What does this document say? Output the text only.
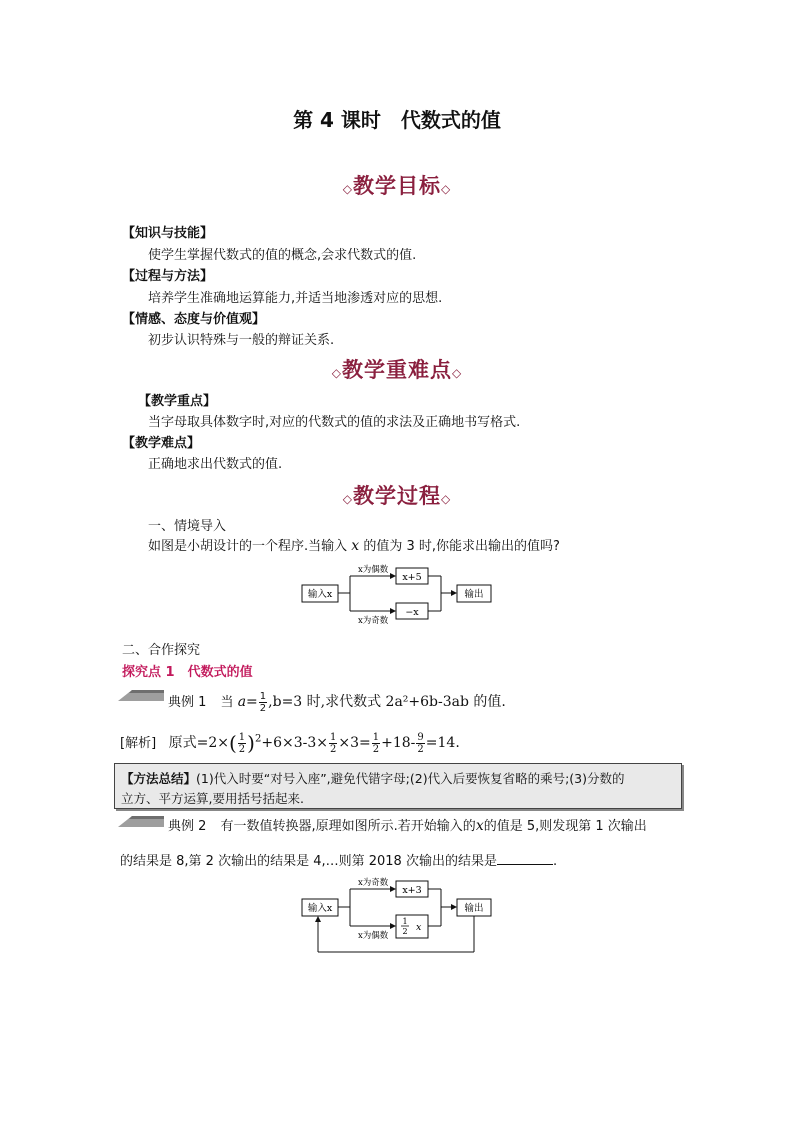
第 4 课时　代数式的值
◇教学目标◇
【知识与技能】
使学生掌握代数式的值的概念,会求代数式的值.
【过程与方法】
培养学生准确地运算能力,并适当地渗透对应的思想.
【情感、态度与价值观】
初步认识特殊与一般的辩证关系.
◇教学重难点◇
【教学重点】
当字母取具体数字时,对应的代数式的值的求法及正确地书写格式.
【教学难点】
正确地求出代数式的值.
◇教学过程◇
一、情境导入
如图是小胡设计的一个程序.当输入 x 的值为 3 时,你能求出输出的值吗?
输入x
x为偶数
x为奇数
x+5
−x
输出
二、合作探究
探究点 1　代数式的值
典例 1 当 $a= \frac{1}{2} ,b=3$ 时,求代数式 2a²+6b-3ab 的值.
[解析] 原式$=2\times( \frac{1}{2} )^2+6\times 3-3\times \frac{1}{2} \times 3= \frac{1}{2} +18- \frac{9}{2} =14$.
【方法总结】(1)代入时要“对号入座”,避免代错字母;(2)代入后要恢复省略的乘号;(3)分数的
立方、平方运算,要用括号括起来.
典例 2 有一数值转换器,原理如图所示.若开始输入的x的值是 5,则发现第 1 次输出
的结果是 8,第 2 次输出的结果是 4,…则第 2018 次输出的结果是	.
输入x
x为奇数
x为偶数
x+3
1
2 x
输出
